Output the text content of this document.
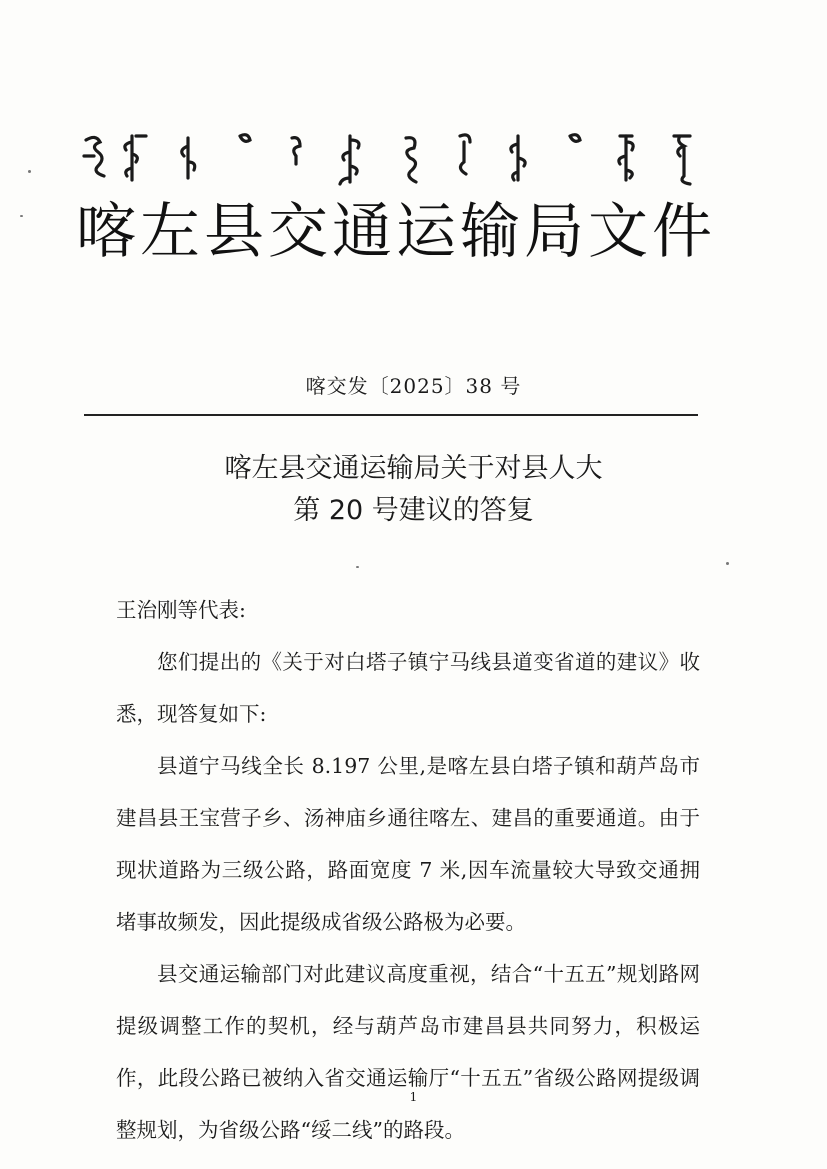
喀左县交通运输局文件
喀交发〔2025〕38 号
喀左县交通运输局关于对县人大
第 20 号建议的答复

王治刚等代表:

您们提出的《关于对白塔子镇宁马线县道变省道的建议》收悉，现答复如下:

县道宁马线全长 8.197 公里,是喀左县白塔子镇和葫芦岛市建昌县王宝营子乡、汤神庙乡通往喀左、建昌的重要通道。由于现状道路为三级公路，路面宽度 7 米,因车流量较大导致交通拥堵事故频发，因此提级成省级公路极为必要。

县交通运输部门对此建议高度重视，结合“十五五”规划路网提级调整工作的契机，经与葫芦岛市建昌县共同努力，积极运作，此段公路已被纳入省交通运输厅“十五五”省级公路网提级调整规划，为省级公路“绥二线”的路段。

1
